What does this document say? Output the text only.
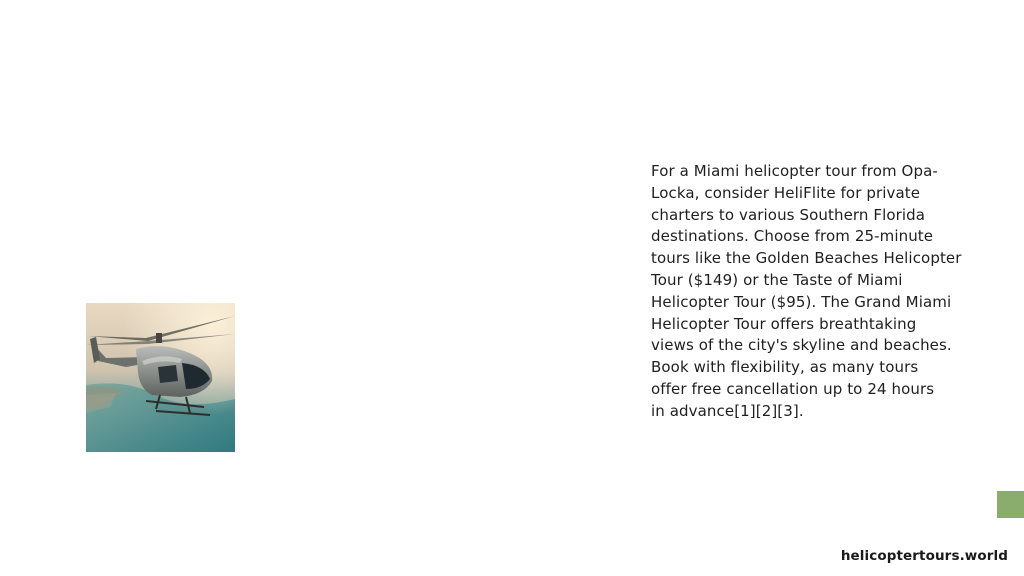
For a Miami helicopter tour from Opa-
Locka, consider HeliFlite for private
charters to various Southern Florida
destinations. Choose from 25-minute
tours like the Golden Beaches Helicopter
Tour ($149) or the Taste of Miami
Helicopter Tour ($95). The Grand Miami
Helicopter Tour offers breathtaking
views of the city's skyline and beaches.
Book with flexibility, as many tours
offer free cancellation up to 24 hours
in advance[1][2][3].

helicoptertours.world
